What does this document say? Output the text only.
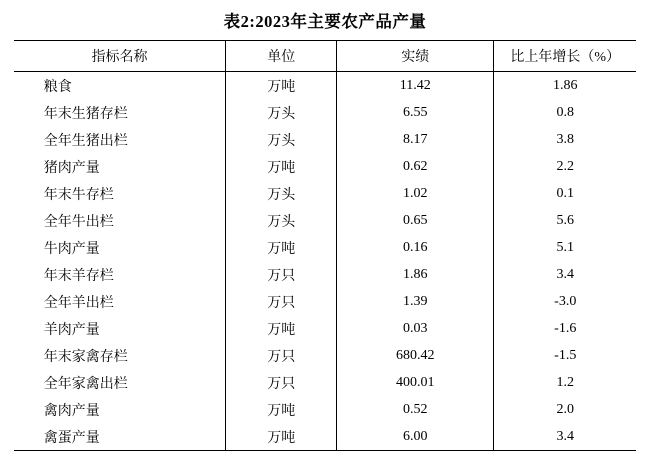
表2:2023年主要农产品产量
指标名称	单位	实绩	比上年增长（%）
粮食	万吨	11.42	1.86
年末生猪存栏	万头	6.55	0.8
全年生猪出栏	万头	8.17	3.8
猪肉产量	万吨	0.62	2.2
年末牛存栏	万头	1.02	0.1
全年牛出栏	万头	0.65	5.6
牛肉产量	万吨	0.16	5.1
年末羊存栏	万只	1.86	3.4
全年羊出栏	万只	1.39	-3.0
羊肉产量	万吨	0.03	-1.6
年末家禽存栏	万只	680.42	-1.5
全年家禽出栏	万只	400.01	1.2
禽肉产量	万吨	0.52	2.0
禽蛋产量	万吨	6.00	3.4
